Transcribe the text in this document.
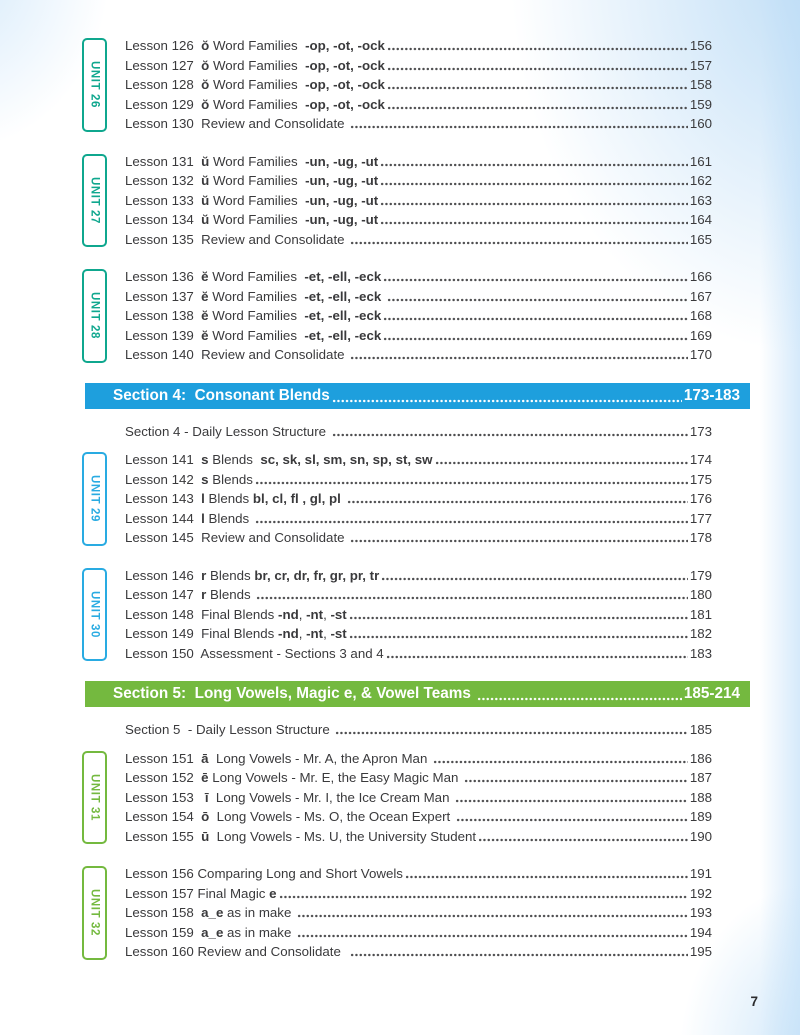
UNIT 26
Lesson 126  ŏ Word Families  -op, -ot, -ock	156
Lesson 127  ŏ Word Families  -op, -ot, -ock	157
Lesson 128  ŏ Word Families  -op, -ot, -ock	158
Lesson 129  ŏ Word Families  -op, -ot, -ock	159
Lesson 130  Review and Consolidate	160
UNIT 27
Lesson 131  ŭ Word Families  -un, -ug, -ut	161
Lesson 132  ŭ Word Families  -un, -ug, -ut	162
Lesson 133  ŭ Word Families  -un, -ug, -ut	163
Lesson 134  ŭ Word Families  -un, -ug, -ut	164
Lesson 135  Review and Consolidate	165
UNIT 28
Lesson 136  ĕ Word Families  -et, -ell, -eck	166
Lesson 137  ĕ Word Families  -et, -ell, -eck	167
Lesson 138  ĕ Word Families  -et, -ell, -eck	168
Lesson 139  ĕ Word Families  -et, -ell, -eck	169
Lesson 140  Review and Consolidate	170
Section 4:  Consonant Blends	173-183
Section 4 - Daily Lesson Structure	173
UNIT 29
Lesson 141  s Blends  sc, sk, sl, sm, sn, sp, st, sw	174
Lesson 142  s Blends	175
Lesson 143  l Blends bl, cl, fl , gl, pl	176
Lesson 144  l Blends	177
Lesson 145  Review and Consolidate	178
UNIT 30
Lesson 146  r Blends br, cr, dr, fr, gr, pr, tr	179
Lesson 147  r Blends	180
Lesson 148  Final Blends -nd, -nt, -st	181
Lesson 149  Final Blends -nd, -nt, -st	182
Lesson 150  Assessment - Sections 3 and 4	183
Section 5:  Long Vowels, Magic e, & Vowel Teams	185-214
Section 5  - Daily Lesson Structure	185
UNIT 31
Lesson 151  ā  Long Vowels - Mr. A, the Apron Man	186
Lesson 152  ē Long Vowels - Mr. E, the Easy Magic Man	187
Lesson 153   ī  Long Vowels - Mr. I, the Ice Cream Man	188
Lesson 154  ō  Long Vowels - Ms. O, the Ocean Expert	189
Lesson 155  ū  Long Vowels - Ms. U, the University Student	190
UNIT 32
Lesson 156 Comparing Long and Short Vowels	191
Lesson 157 Final Magic e	192
Lesson 158  a_e as in make	193
Lesson 159  a_e as in make	194
Lesson 160 Review and Consolidate	195
7
